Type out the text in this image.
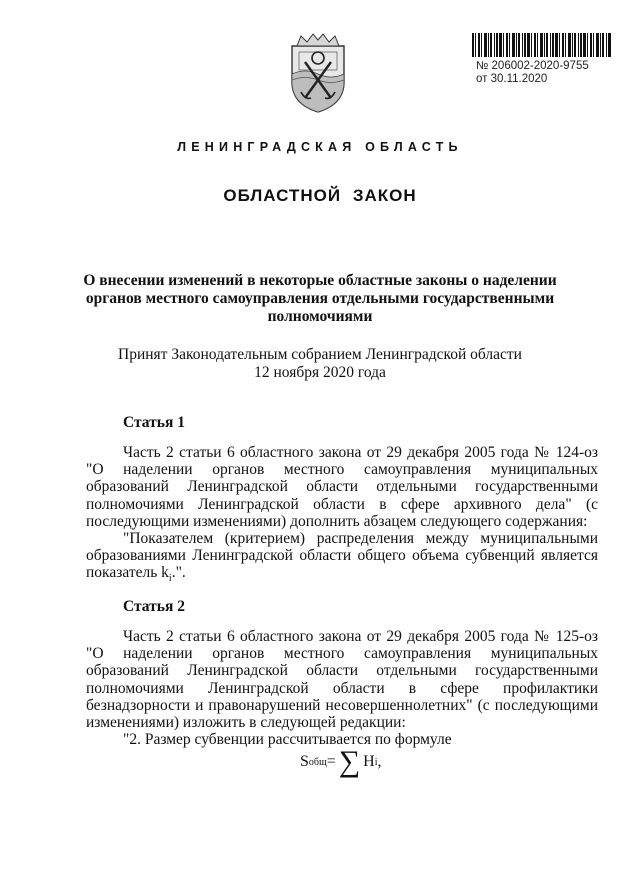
№ 206002-2020-9755
от 30.11.2020
ЛЕНИНГРАДСКАЯ ОБЛАСТЬ
ОБЛАСТНОЙ ЗАКОН
О внесении изменений в некоторые областные законы о наделении органов местного самоуправления отдельными государственными полномочиями
Принят Законодательным собранием Ленинградской области
12 ноября 2020 года
Статья 1

Часть 2 статьи 6 областного закона от 29 декабря 2005 года № 124-оз "О наделении органов местного самоуправления муниципальных образований Ленинградской области отдельными государственными полномочиями Ленинградской области в сфере архивного дела" (с последующими изменениями) дополнить абзацем следующего содержания:

"Показателем (критерием) распределения между муниципальными образованиями Ленинградской области общего объема субвенций является показатель $k_i$.".

Статья 2

Часть 2 статьи 6 областного закона от 29 декабря 2005 года № 125-оз "О наделении органов местного самоуправления муниципальных образований Ленинградской области отдельными государственными полномочиями Ленинградской области в сфере профилактики безнадзорности и правонарушений несовершеннолетних" (с последующими изменениями) изложить в следующей редакции:

"2. Размер субвенции рассчитывается по формуле

S общ = ∑ H i ,
